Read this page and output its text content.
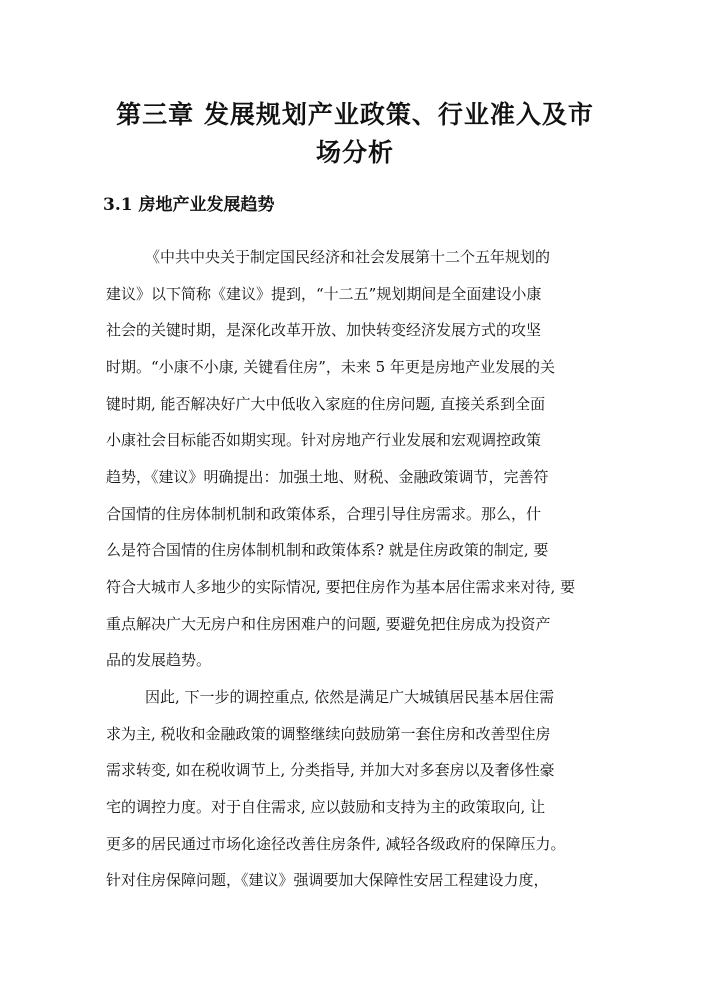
第三章 发展规划产业政策、行业准入及市
场分析
3.1 房地产业发展趋势
《中共中央关于制定国民经济和社会发展第十二个五年规划的
建议》以下简称《建议》提到，“十二五”规划期间是全面建设小康
社会的关键时期，是深化改革开放、加快转变经济发展方式的攻坚
时期。“小康不小康, 关键看住房”，未来 5 年更是房地产业发展的关
键时期, 能否解决好广大中低收入家庭的住房问题, 直接关系到全面
小康社会目标能否如期实现。针对房地产行业发展和宏观调控政策
趋势，《建议》明确提出：加强土地、财税、金融政策调节，完善符
合国情的住房体制机制和政策体系，合理引导住房需求。那么，什
么是符合国情的住房体制机制和政策体系? 就是住房政策的制定, 要
符合大城市人多地少的实际情况, 要把住房作为基本居住需求来对待, 要
重点解决广大无房户和住房困难户的问题, 要避免把住房成为投资产
品的发展趋势。
因此, 下一步的调控重点, 依然是满足广大城镇居民基本居住需
求为主, 税收和金融政策的调整继续向鼓励第一套住房和改善型住房
需求转变, 如在税收调节上, 分类指导, 并加大对多套房以及奢侈性豪
宅的调控力度。对于自住需求, 应以鼓励和支持为主的政策取向, 让
更多的居民通过市场化途径改善住房条件, 减轻各级政府的保障压力。
针对住房保障问题，《建议》强调要加大保障性安居工程建设力度，
